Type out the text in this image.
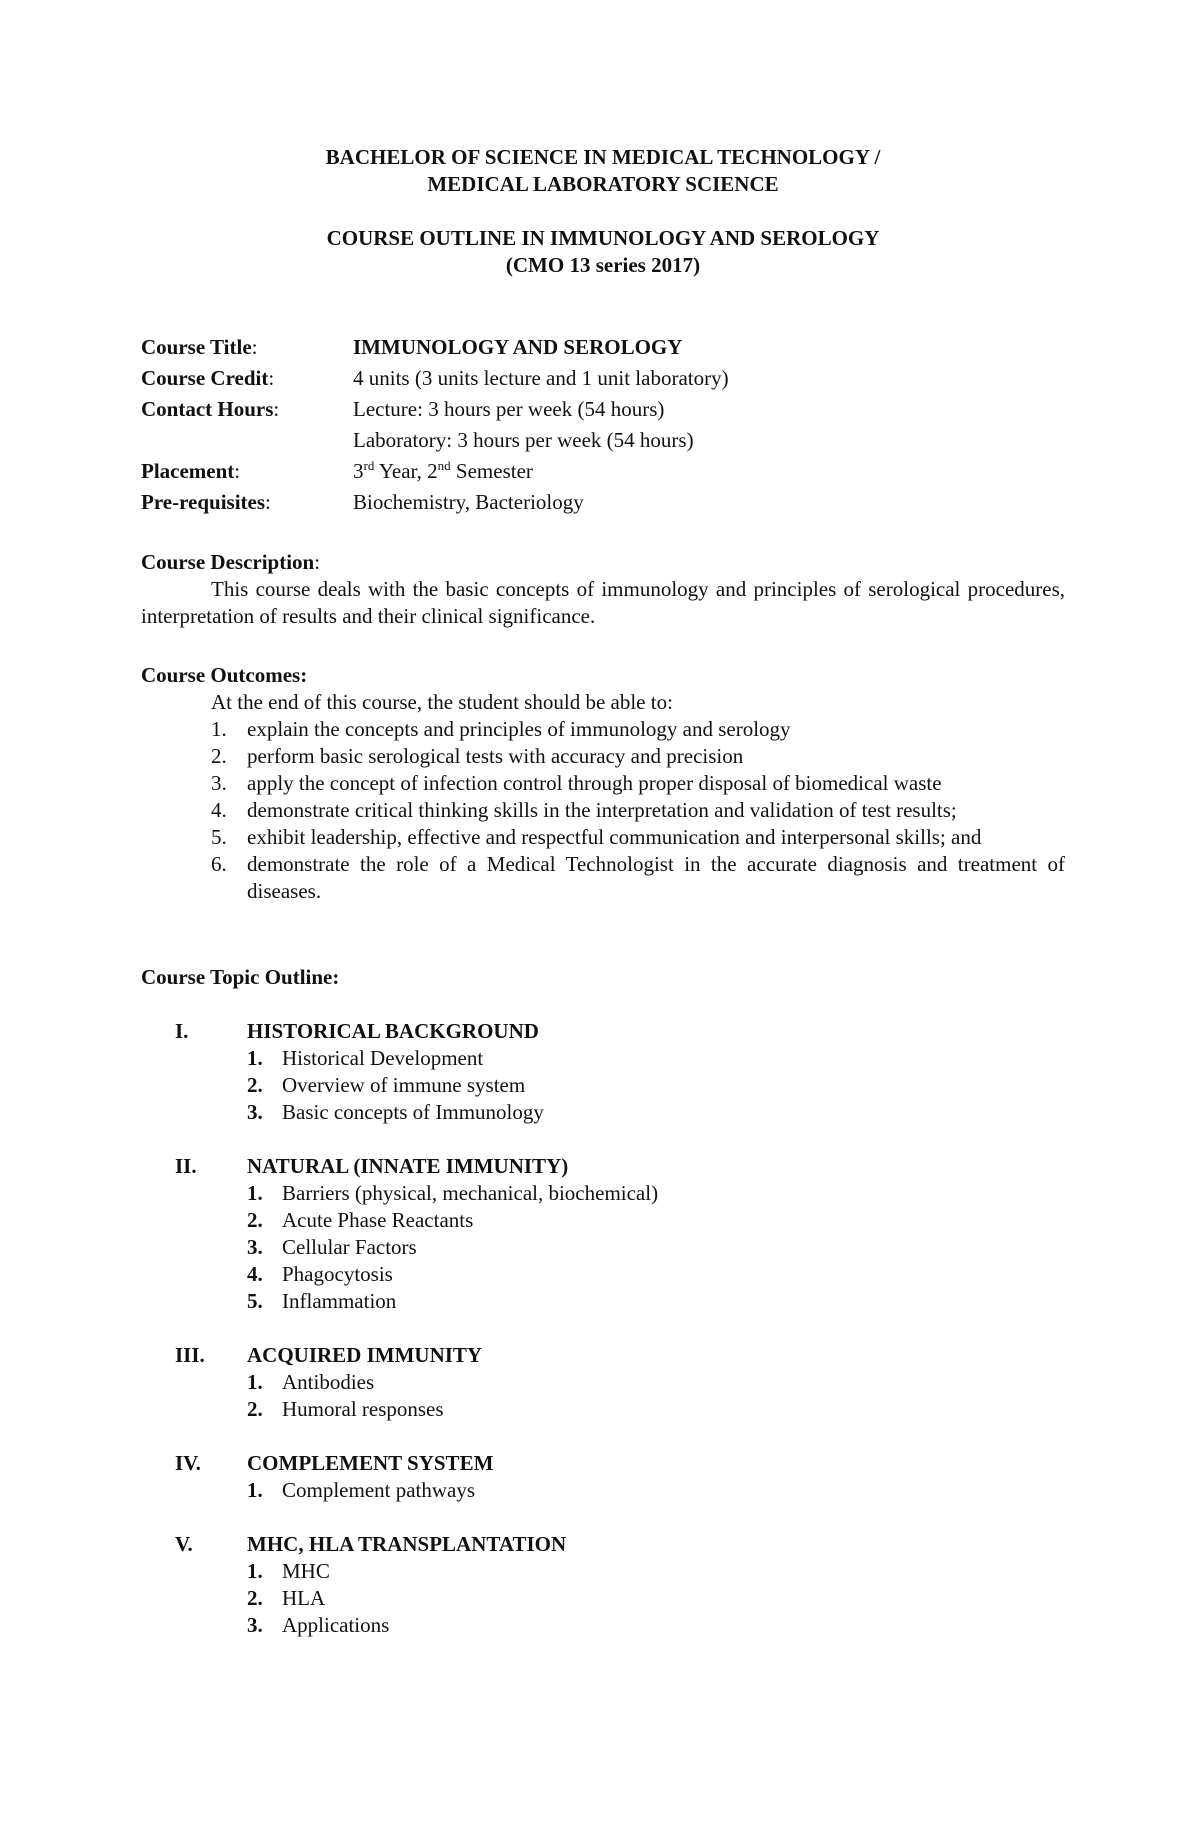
BACHELOR OF SCIENCE IN MEDICAL TECHNOLOGY /
MEDICAL LABORATORY SCIENCE
COURSE OUTLINE IN IMMUNOLOGY AND SEROLOGY
(CMO 13 series 2017)
Course Title:	IMMUNOLOGY AND SEROLOGY
Course Credit:	4 units (3 units lecture and 1 unit laboratory)
Contact Hours:	Lecture: 3 hours per week (54 hours)
Laboratory: 3 hours per week (54 hours)
Placement:	3rd Year, 2nd Semester
Pre-requisites:	Biochemistry, Bacteriology
Course Description:
This course deals with the basic concepts of immunology and principles of serological procedures, interpretation of results and their clinical significance.
Course Outcomes:
At the end of this course, the student should be able to:
1. explain the concepts and principles of immunology and serology
2. perform basic serological tests with accuracy and precision
3. apply the concept of infection control through proper disposal of biomedical waste
4. demonstrate critical thinking skills in the interpretation and validation of test results;
5. exhibit leadership, effective and respectful communication and interpersonal skills; and
6. demonstrate the role of a Medical Technologist in the accurate diagnosis and treatment of diseases.
Course Topic Outline:
I.	HISTORICAL BACKGROUND
1. Historical Development
2. Overview of immune system
3. Basic concepts of Immunology
II. NATURAL (INNATE IMMUNITY)
1. Barriers (physical, mechanical, biochemical)
2. Acute Phase Reactants
3. Cellular Factors
4. Phagocytosis
5. Inflammation
III. ACQUIRED IMMUNITY
1. Antibodies
2. Humoral responses
IV. COMPLEMENT SYSTEM
1. Complement pathways
V.	MHC, HLA TRANSPLANTATION
1. MHC
2. HLA
3. Applications
